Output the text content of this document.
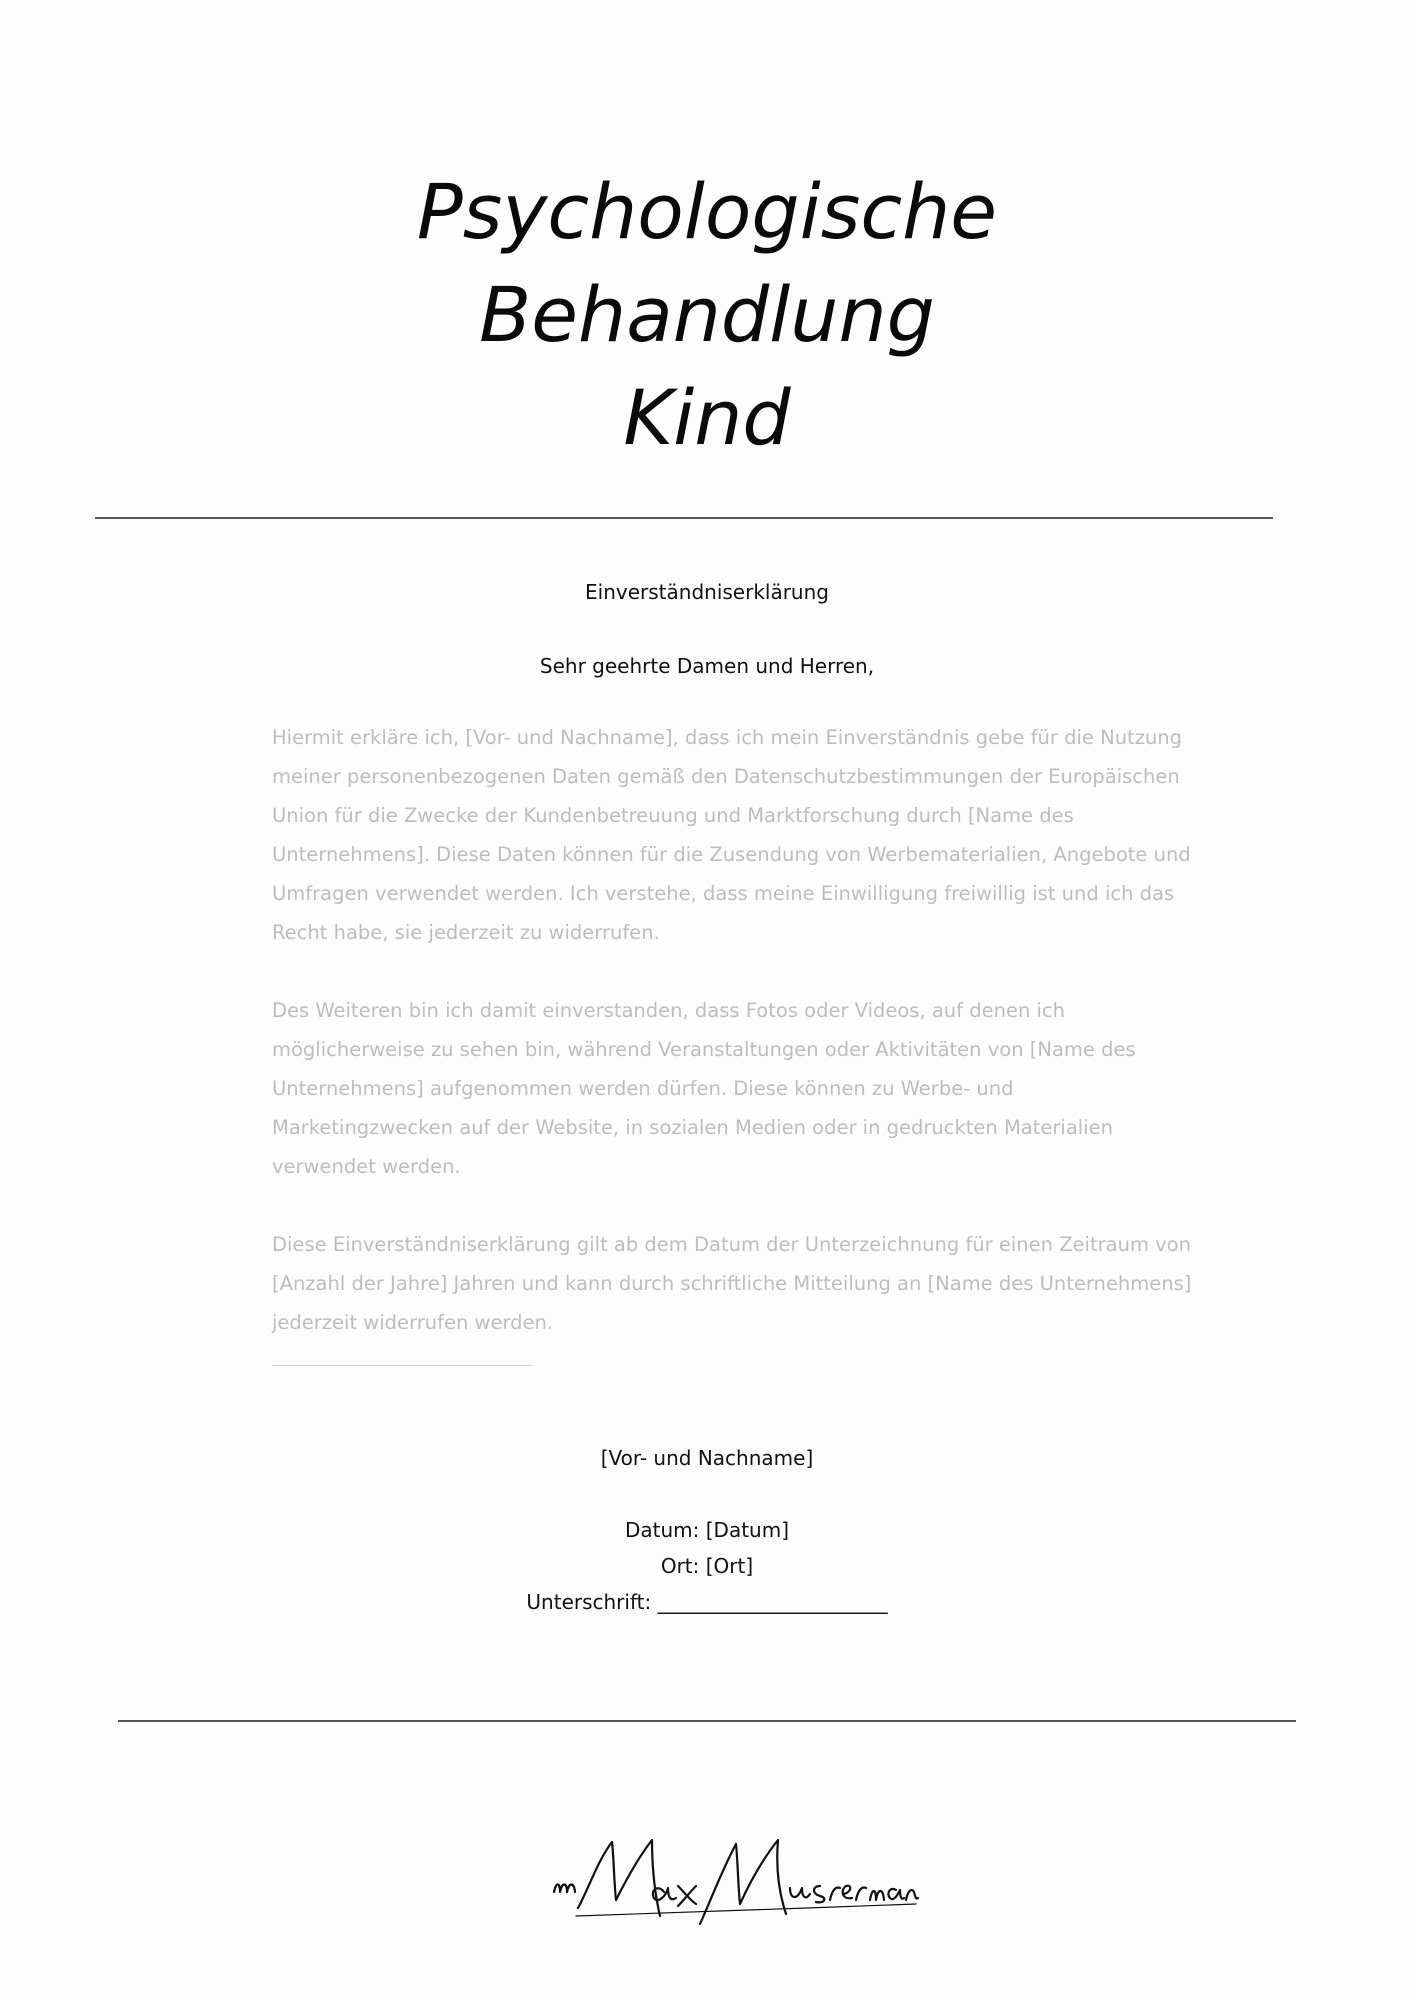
Psychologische
Behandlung
Kind
Einverständniserklärung
Sehr geehrte Damen und Herren,

Hiermit erkläre ich, [Vor- und Nachname], dass ich mein Einverständnis gebe für die Nutzung meiner personenbezogenen Daten gemäß den Datenschutzbestimmungen der Europäischen Union für die Zwecke der Kundenbetreuung und Marktforschung durch [Name des Unternehmens]. Diese Daten können für die Zusendung von Werbematerialien, Angebote und Umfragen verwendet werden. Ich verstehe, dass meine Einwilligung freiwillig ist und ich das Recht habe, sie jederzeit zu widerrufen.

Des Weiteren bin ich damit einverstanden, dass Fotos oder Videos, auf denen ich möglicherweise zu sehen bin, während Veranstaltungen oder Aktivitäten von [Name des Unternehmens] aufgenommen werden dürfen. Diese können zu Werbe- und Marketingzwecken auf der Website, in sozialen Medien oder in gedruckten Materialien verwendet werden.

Diese Einverständniserklärung gilt ab dem Datum der Unterzeichnung für einen Zeitraum von [Anzahl der Jahre] Jahren und kann durch schriftliche Mitteilung an [Name des Unternehmens] jederzeit widerrufen werden.

[Vor- und Nachname]
Datum: [Datum]
Ort: [Ort]
Unterschrift: _______________________
